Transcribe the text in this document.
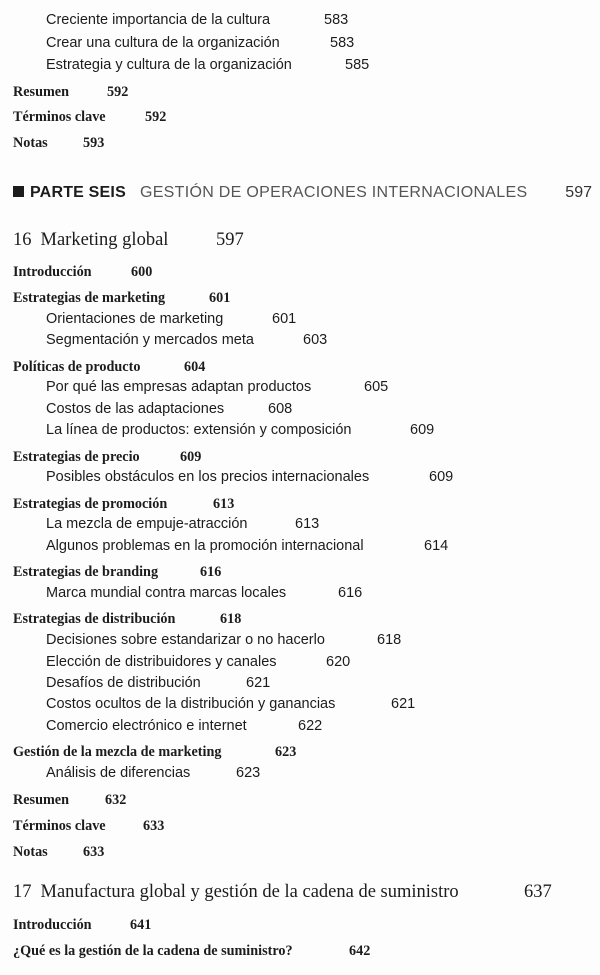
Creciente importancia de la cultura	583
Crear una cultura de la organización	583
Estrategia y cultura de la organización	585
Resumen	592
Términos clave	592
Notas 593
PARTE SEIS GESTIÓN DE OPERACIONES INTERNACIONALES 597
16 Marketing global	597
Introducción	600
Estrategias de marketing	601
Orientaciones de marketing	601
Segmentación y mercados meta	603
Políticas de producto	604
Por qué las empresas adaptan productos	605
Costos de las adaptaciones	608
La línea de productos: extensión y composición	609
Estrategias de precio	609
Posibles obstáculos en los precios internacionales	609
Estrategias de promoción	613
La mezcla de empuje-atracción	613
Algunos problemas en la promoción internacional	614
Estrategias de branding	616
Marca mundial contra marcas locales	616
Estrategias de distribución	618
Decisiones sobre estandarizar o no hacerlo	618
Elección de distribuidores y canales	620
Desafíos de distribución	621
Costos ocultos de la distribución y ganancias	621
Comercio electrónico e internet	622
Gestión de la mezcla de marketing	623
Análisis de diferencias	623
Resumen	632
Términos clave	633
Notas 633
17 Manufactura global y gestión de la cadena de suministro	637
Introducción	641
¿Qué es la gestión de la cadena de suministro?	642
